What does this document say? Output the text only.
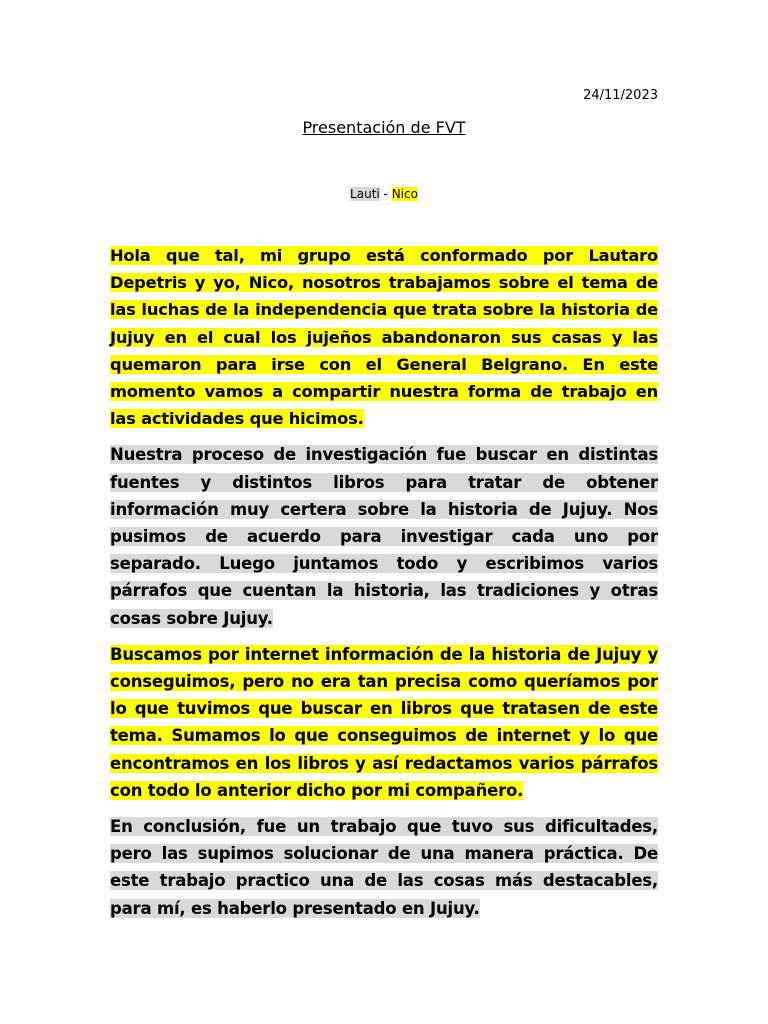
24/11/2023
Presentación de FVT
Lauti - Nico

Hola que tal, mi grupo está conformado por Lautaro Depetris y yo, Nico, nosotros trabajamos sobre el tema de las luchas de la independencia que trata sobre la historia de Jujuy en el cual los jujeños abandonaron sus casas y las quemaron para irse con el General Belgrano. En este momento vamos a compartir nuestra forma de trabajo en las actividades que hicimos.

Nuestra proceso de investigación fue buscar en distintas fuentes y distintos libros para tratar de obtener información muy certera sobre la historia de Jujuy. Nos pusimos de acuerdo para investigar cada uno por separado. Luego juntamos todo y escribimos varios párrafos que cuentan la historia, las tradiciones y otras cosas sobre Jujuy.

Buscamos por internet información de la historia de Jujuy y conseguimos, pero no era tan precisa como queríamos por lo que tuvimos que buscar en libros que tratasen de este tema. Sumamos lo que conseguimos de internet y lo que encontramos en los libros y así redactamos varios párrafos con todo lo anterior dicho por mi compañero.

En conclusión, fue un trabajo que tuvo sus dificultades, pero las supimos solucionar de una manera práctica. De este trabajo practico una de las cosas más destacables, para mí, es haberlo presentado en Jujuy.
